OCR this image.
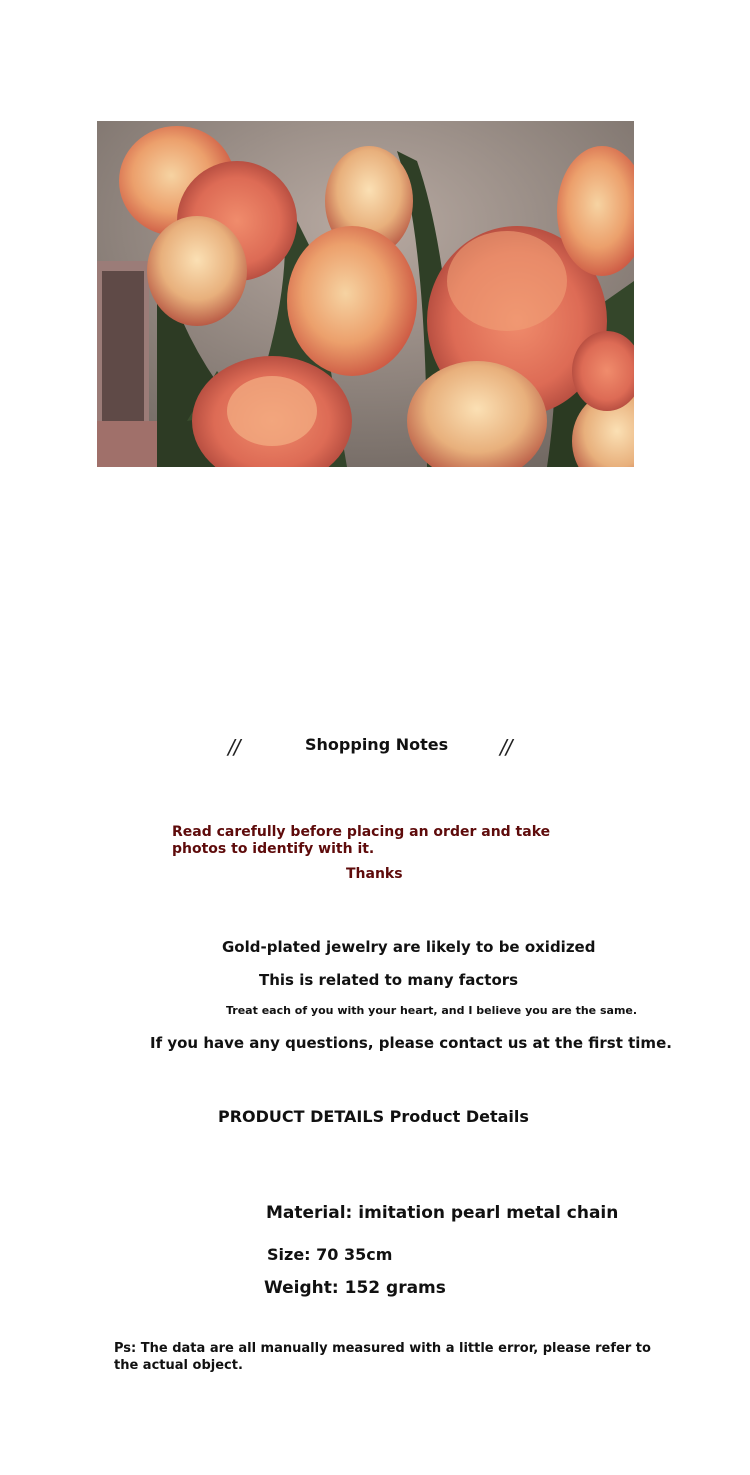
//	Shopping Notes	//
Read carefully before placing an order and take photos to identify with it.
Thanks
Gold-plated jewelry are likely to be oxidized
This is related to many factors
Treat each of you with your heart, and I believe you are the same.
If you have any questions, please contact us at the first time.
PRODUCT DETAILS Product Details
Material: imitation pearl metal chain
Size: 70 35cm
Weight: 152 grams
Ps: The data are all manually measured with a little error, please refer to the actual object.
